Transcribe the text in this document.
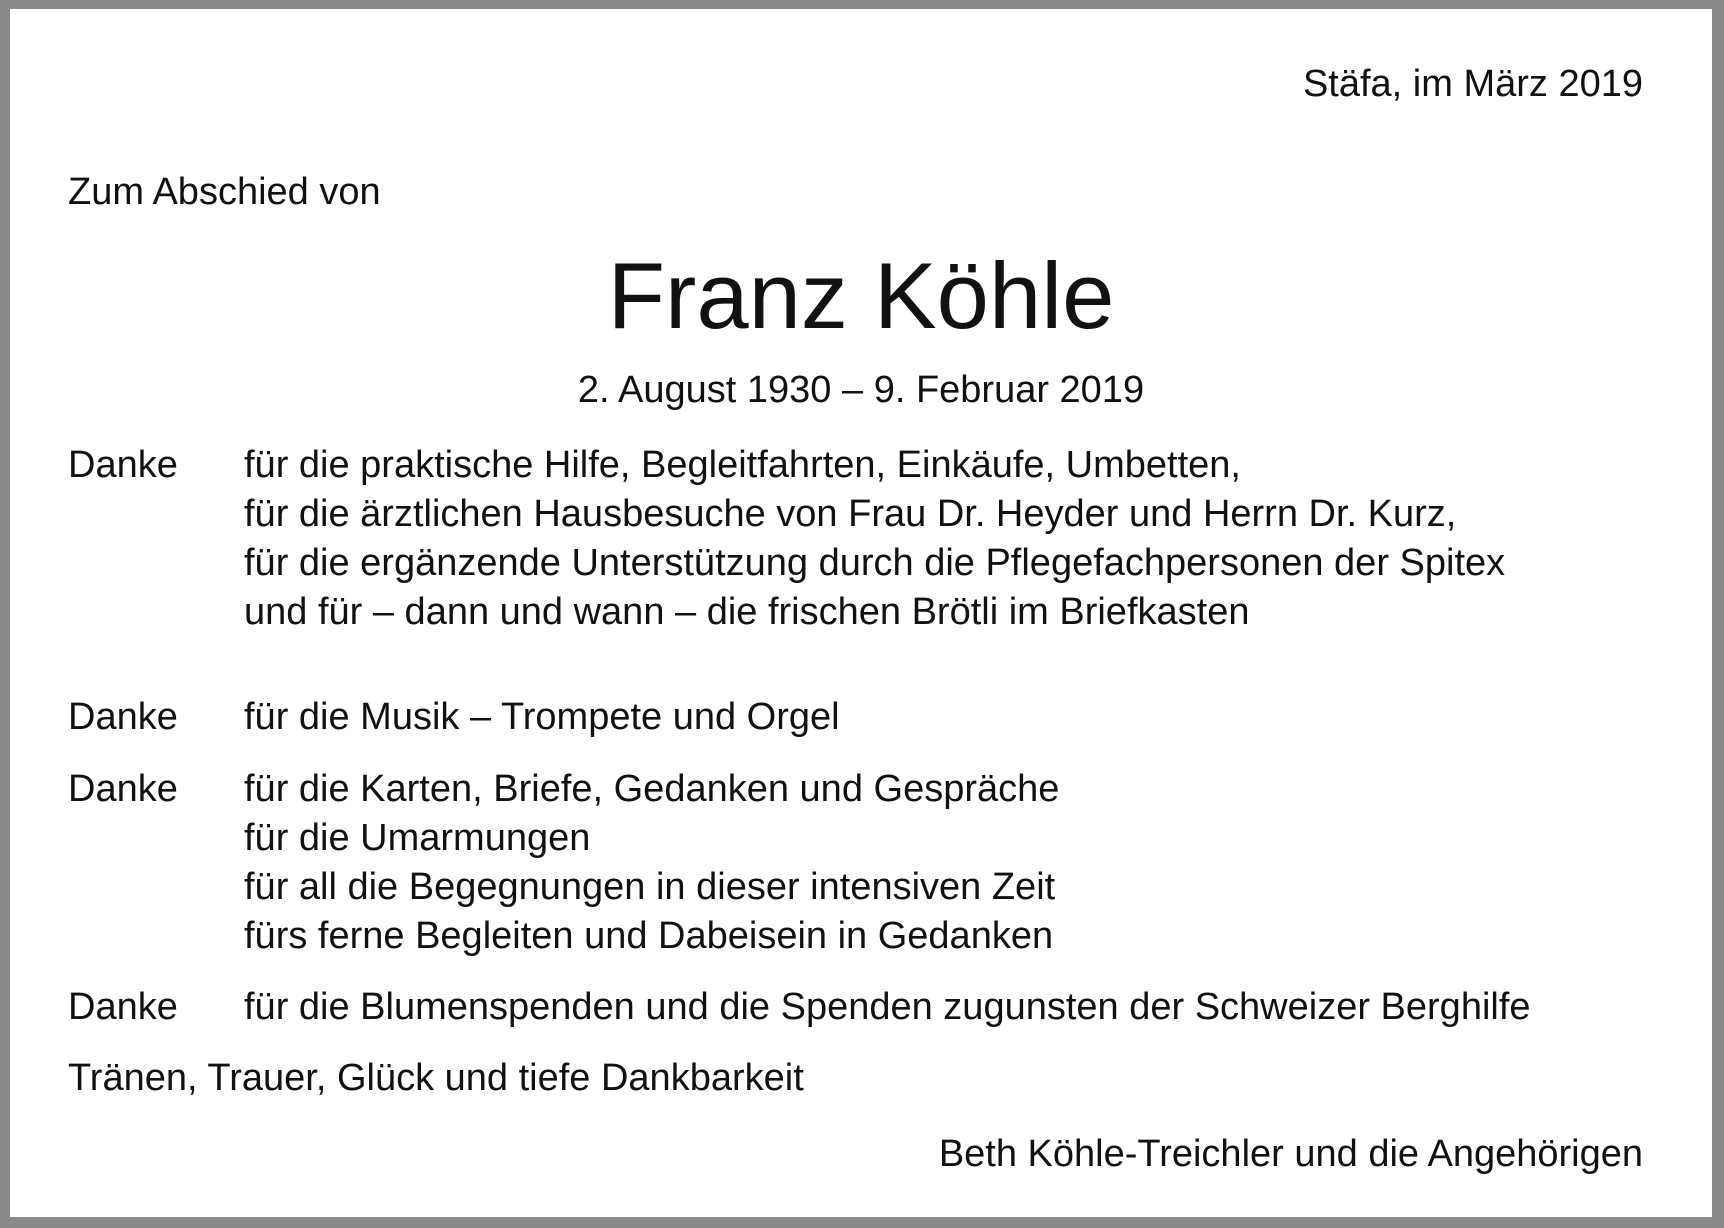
Stäfa, im März 2019
Zum Abschied von
Franz Köhle
2. August 1930 – 9. Februar 2019
Danke für die praktische Hilfe, Begleitfahrten, Einkäufe, Umbetten,
für die ärztlichen Hausbesuche von Frau Dr. Heyder und Herrn Dr. Kurz,
für die ergänzende Unterstützung durch die Pflegefachpersonen der Spitex
und für – dann und wann – die frischen Brötli im Briefkasten
Danke für die Musik – Trompete und Orgel
Danke für die Karten, Briefe, Gedanken und Gespräche
für die Umarmungen
für all die Begegnungen in dieser intensiven Zeit
fürs ferne Begleiten und Dabeisein in Gedanken
Danke für die Blumenspenden und die Spenden zugunsten der Schweizer Berghilfe
Tränen, Trauer, Glück und tiefe Dankbarkeit
Beth Köhle-Treichler und die Angehörigen
